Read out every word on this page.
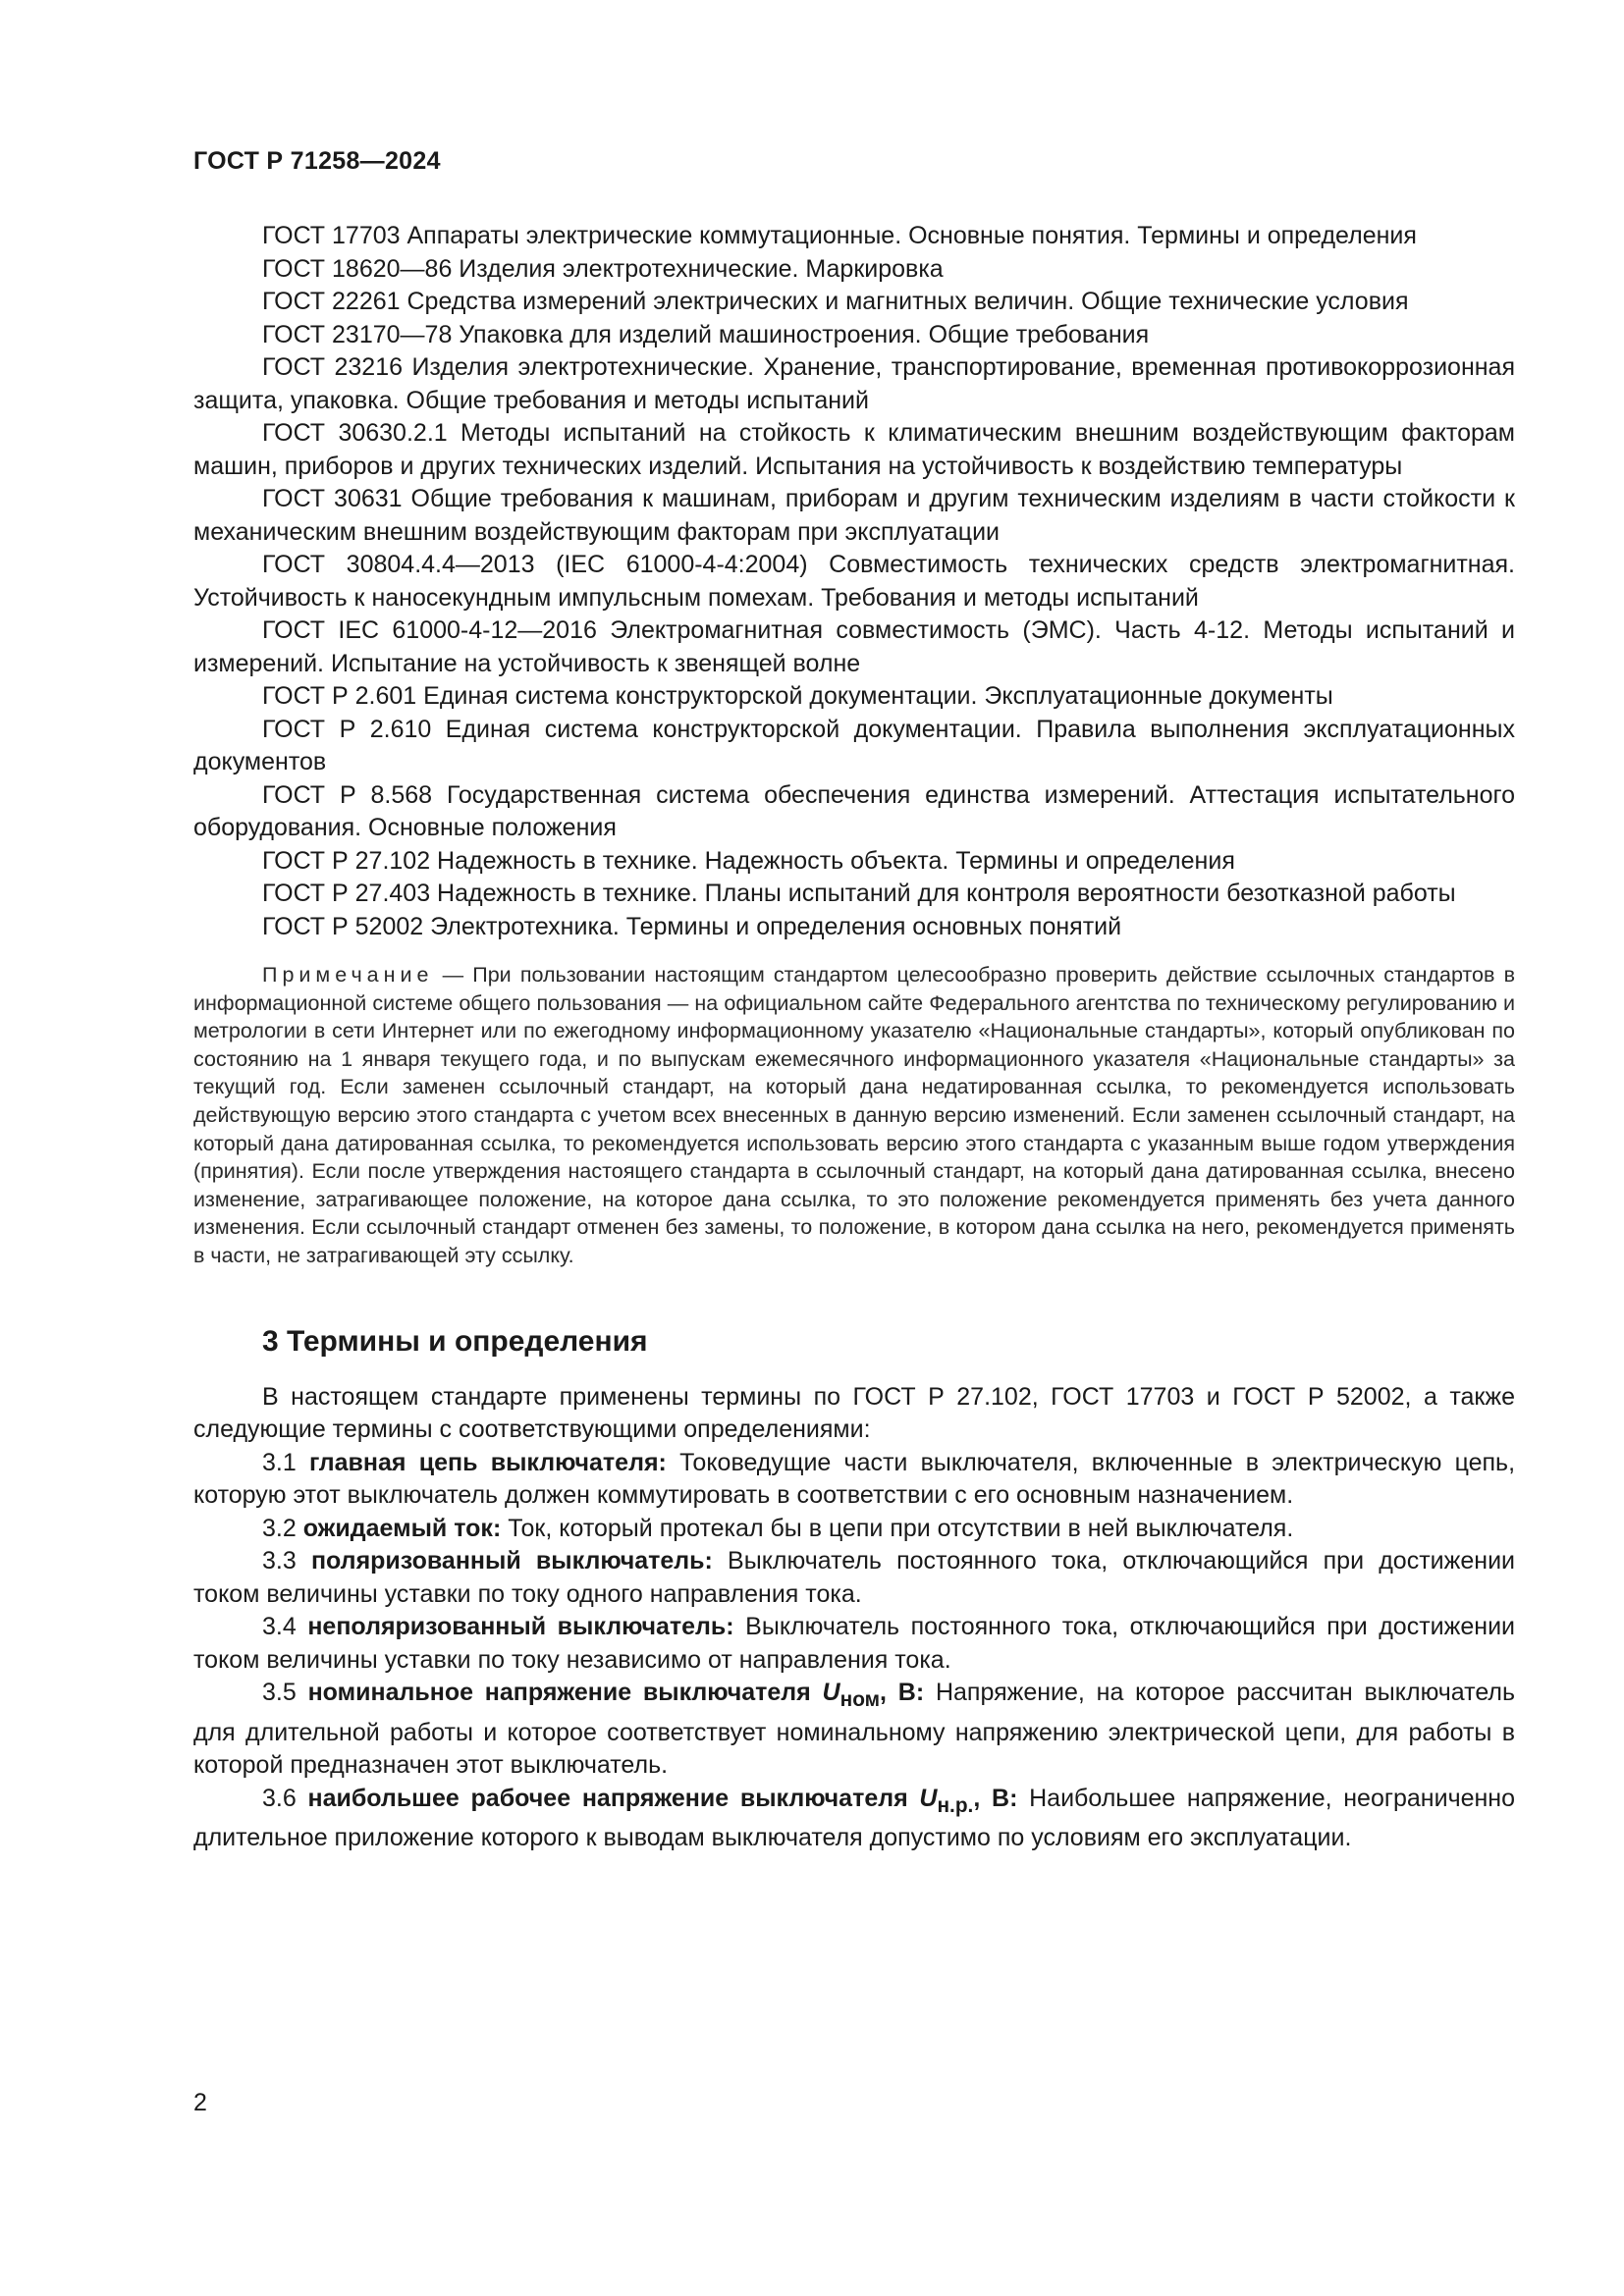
ГОСТ Р 71258—2024

ГОСТ 17703 Аппараты электрические коммутационные. Основные понятия. Термины и определения

ГОСТ 18620—86 Изделия электротехнические. Маркировка

ГОСТ 22261 Средства измерений электрических и магнитных величин. Общие технические условия

ГОСТ 23170—78 Упаковка для изделий машиностроения. Общие требования

ГОСТ 23216 Изделия электротехнические. Хранение, транспортирование, временная противокоррозионная защита, упаковка. Общие требования и методы испытаний

ГОСТ 30630.2.1 Методы испытаний на стойкость к климатическим внешним воздействующим факторам машин, приборов и других технических изделий. Испытания на устойчивость к воздействию температуры

ГОСТ 30631 Общие требования к машинам, приборам и другим техническим изделиям в части стойкости к механическим внешним воздействующим факторам при эксплуатации

ГОСТ 30804.4.4—2013 (IEC 61000-4-4:2004) Совместимость технических средств электромагнитная. Устойчивость к наносекундным импульсным помехам. Требования и методы испытаний

ГОСТ IEC 61000-4-12—2016 Электромагнитная совместимость (ЭМС). Часть 4-12. Методы испытаний и измерений. Испытание на устойчивость к звенящей волне

ГОСТ Р 2.601 Единая система конструкторской документации. Эксплуатационные документы

ГОСТ Р 2.610 Единая система конструкторской документации. Правила выполнения эксплуатационных документов

ГОСТ Р 8.568 Государственная система обеспечения единства измерений. Аттестация испытательного оборудования. Основные положения

ГОСТ Р 27.102 Надежность в технике. Надежность объекта. Термины и определения

ГОСТ Р 27.403 Надежность в технике. Планы испытаний для контроля вероятности безотказной работы

ГОСТ Р 52002 Электротехника. Термины и определения основных понятий

Примечание — При пользовании настоящим стандартом целесообразно проверить действие ссылочных стандартов в информационной системе общего пользования — на официальном сайте Федерального агентства по техническому регулированию и метрологии в сети Интернет или по ежегодному информационному указателю «Национальные стандарты», который опубликован по состоянию на 1 января текущего года, и по выпускам ежемесячного информационного указателя «Национальные стандарты» за текущий год. Если заменен ссылочный стандарт, на который дана недатированная ссылка, то рекомендуется использовать действующую версию этого стандарта с учетом всех внесенных в данную версию изменений. Если заменен ссылочный стандарт, на который дана датированная ссылка, то рекомендуется использовать версию этого стандарта с указанным выше годом утверждения (принятия). Если после утверждения настоящего стандарта в ссылочный стандарт, на который дана датированная ссылка, внесено изменение, затрагивающее положение, на которое дана ссылка, то это положение рекомендуется применять без учета данного изменения. Если ссылочный стандарт отменен без замены, то положение, в котором дана ссылка на него, рекомендуется применять в части, не затрагивающей эту ссылку.

3 Термины и определения

В настоящем стандарте применены термины по ГОСТ Р 27.102, ГОСТ 17703 и ГОСТ Р 52002, а также следующие термины с соответствующими определениями:

3.1 главная цепь выключателя: Токоведущие части выключателя, включенные в электрическую цепь, которую этот выключатель должен коммутировать в соответствии с его основным назначением.

3.2 ожидаемый ток: Ток, который протекал бы в цепи при отсутствии в ней выключателя.

3.3 поляризованный выключатель: Выключатель постоянного тока, отключающийся при достижении током величины уставки по току одного направления тока.

3.4 неполяризованный выключатель: Выключатель постоянного тока, отключающийся при достижении током величины уставки по току независимо от направления тока.

3.5 номинальное напряжение выключателя $U_{ном}$, В: Напряжение, на которое рассчитан выключатель для длительной работы и которое соответствует номинальному напряжению электрической цепи, для работы в которой предназначен этот выключатель.

3.6 наибольшее рабочее напряжение выключателя $U_{н.р.}$, В: Наибольшее напряжение, неограниченно длительное приложение которого к выводам выключателя допустимо по условиям его эксплуатации.

2
